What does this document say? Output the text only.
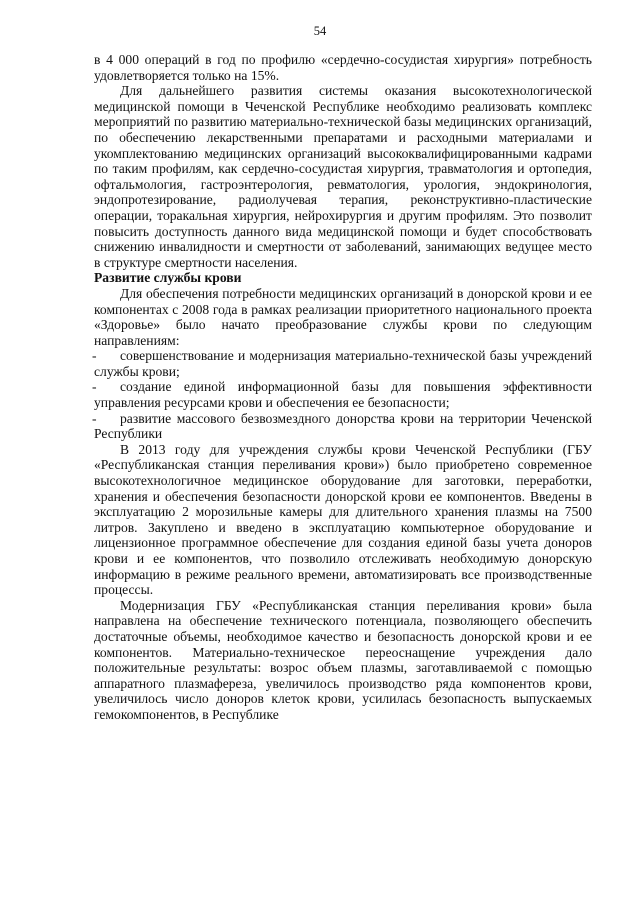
54

в 4 000 операций в год по профилю «сердечно-сосудистая хирургия» потребность удовлетворяется только на 15%.

Для дальнейшего развития системы оказания высокотехнологической медицинской помощи в Чеченской Республике необходимо реализовать комплекс мероприятий по развитию материально-технической базы медицинских организаций, по обеспечению лекарственными препаратами и расходными материалами и укомплектованию медицинских организаций высококвалифицированными кадрами по таким профилям, как сердечно-сосудистая хирургия, травматология и ортопедия, офтальмология, гастроэнтерология, ревматология, урология, эндокринология, эндопротезирование, радиолучевая терапия, реконструктивно-пластические операции, торакальная хирургия, нейрохирургия и другим профилям. Это позволит повысить доступность данного вида медицинской помощи и будет способствовать снижению инвалидности и смертности от заболеваний, занимающих ведущее место в структуре смертности населения.

Развитие службы крови

Для обеспечения потребности медицинских организаций в донорской крови и ее компонентах с 2008 года в рамках реализации приоритетного национального проекта «Здоровье» было начато преобразование службы крови по следующим направлениям:

-	совершенствование и модернизация материально-технической базы учреждений службы крови;
-	создание единой информационной базы для повышения эффективности управления ресурсами крови и обеспечения ее безопасности;
-	развитие массового безвозмездного донорства крови на территории Чеченской Республики

В 2013 году для учреждения службы крови Чеченской Республики (ГБУ «Республиканская станция переливания крови») было приобретено современное высокотехнологичное медицинское оборудование для заготовки, переработки, хранения и обеспечения безопасности донорской крови ее компонентов. Введены в эксплуатацию 2 морозильные камеры для длительного хранения плазмы на 7500 литров. Закуплено и введено в эксплуатацию компьютерное оборудование и лицензионное программное обеспечение для создания единой базы учета доноров крови и ее компонентов, что позволило отслеживать необходимую донорскую информацию в режиме реального времени, автоматизировать все производственные процессы.

Модернизация ГБУ «Республиканская станция переливания крови» была направлена на обеспечение технического потенциала, позволяющего обеспечить достаточные объемы, необходимое качество и безопасность донорской крови и ее компонентов. Материально-техническое переоснащение учреждения дало положительные результаты: возрос объем плазмы, заготавливаемой с помощью аппаратного плазмафереза, увеличилось производство ряда компонентов крови, увеличилось число доноров клеток крови, усилилась безопасность выпускаемых гемокомпонентов, в Республике
